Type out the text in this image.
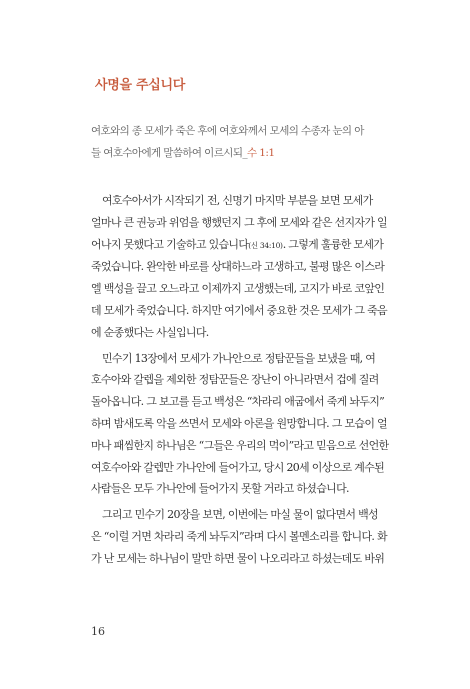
사명을 주십니다
여호와의 종 모세가 죽은 후에 여호와께서 모세의 수종자 눈의 아
들 여호수아에게 말씀하여 이르시되_수 1:1
여호수아서가 시작되기 전, 신명기 마지막 부분을 보면 모세가
얼마나 큰 권능과 위엄을 행했던지 그 후에 모세와 같은 선지자가 일
어나지 못했다고 기술하고 있습니다(신 34:10). 그렇게 훌륭한 모세가
죽었습니다. 완악한 바로를 상대하느라 고생하고, 불평 많은 이스라
엘 백성을 끌고 오느라고 이제까지 고생했는데, 고지가 바로 코앞인
데 모세가 죽었습니다. 하지만 여기에서 중요한 것은 모세가 그 죽음
에 순종했다는 사실입니다.
민수기 13장에서 모세가 가나안으로 정탐꾼들을 보냈을 때, 여
호수아와 갈렙을 제외한 정탐꾼들은 장난이 아니라면서 겁에 질려
돌아옵니다. 그 보고를 듣고 백성은 “차라리 애굽에서 죽게 놔두지”
하며 밤새도록 악을 쓰면서 모세와 아론을 원망합니다. 그 모습이 얼
마나 패씸한지 하나님은 “그들은 우리의 먹이”라고 믿음으로 선언한
여호수아와 갈렙만 가나안에 들어가고, 당시 20세 이상으로 계수된
사람들은 모두 가나안에 들어가지 못할 거라고 하셨습니다.
그리고 민수기 20장을 보면, 이번에는 마실 물이 없다면서 백성
은 “이럴 거면 차라리 죽게 놔두지”라며 다시 볼멘소리를 합니다. 화
가 난 모세는 하나님이 말만 하면 물이 나오리라고 하셨는데도 바위
16
